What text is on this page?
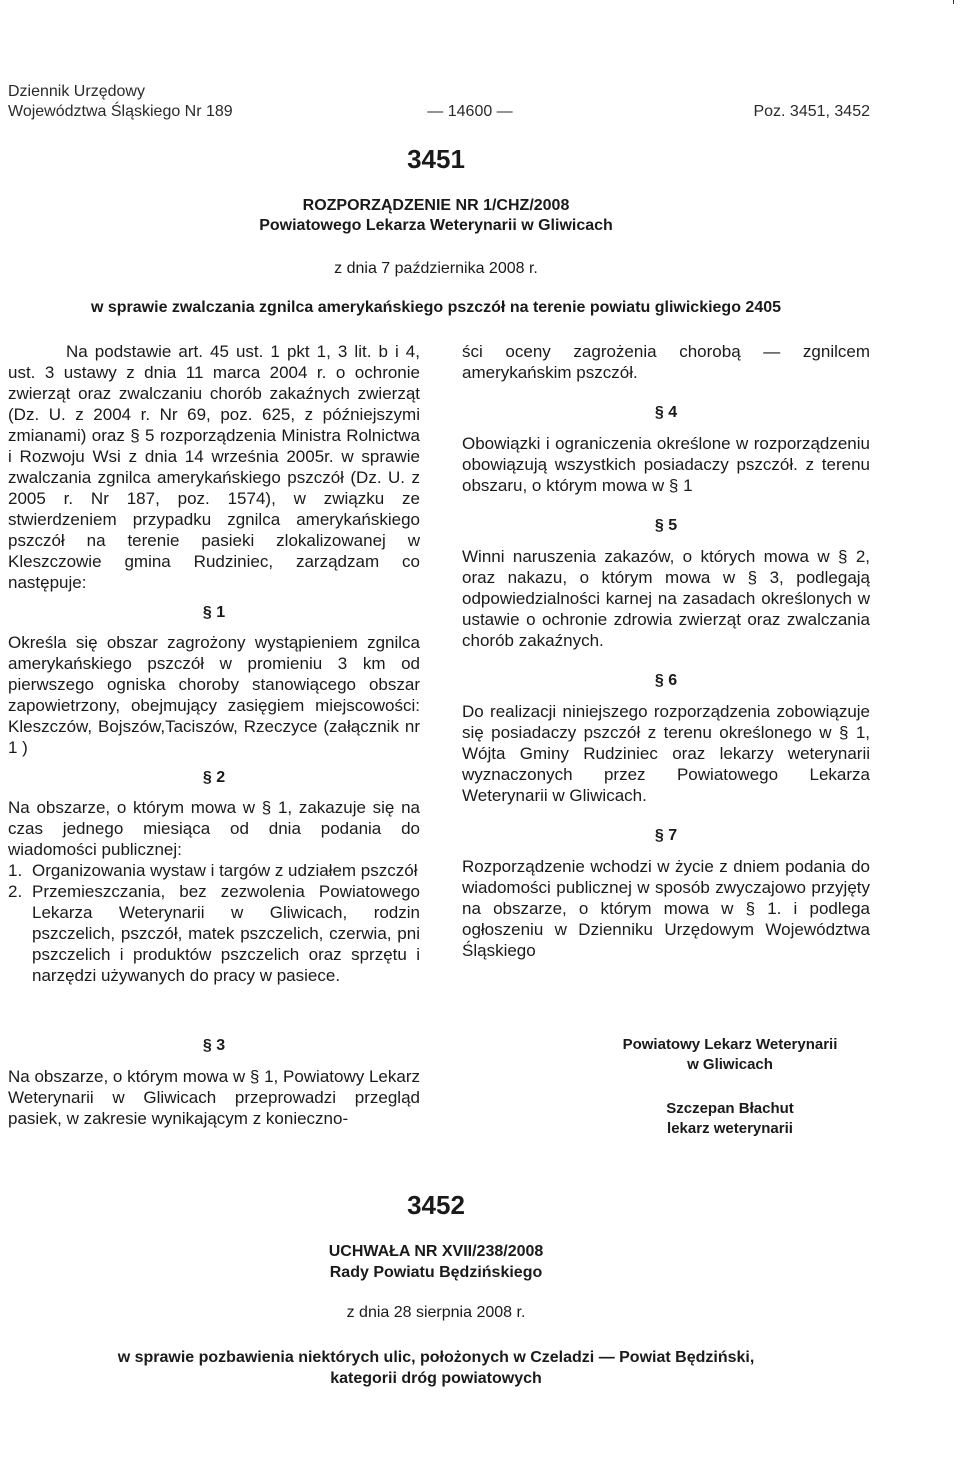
Dziennik Urzędowy
Województwa Śląskiego Nr 189	— 14600 —	Poz. 3451, 3452
3451
ROZPORZĄDZENIE NR 1/CHZ/2008
Powiatowego Lekarza Weterynarii w Gliwicach
z dnia 7 października 2008 r.
w sprawie zwalczania zgnilca amerykańskiego pszczół na terenie powiatu gliwickiego 2405
Na podstawie art. 45 ust. 1 pkt 1, 3 lit. b i 4, ust. 3 ustawy z dnia 11 marca 2004 r. o ochronie zwierząt oraz zwalczaniu chorób zakaźnych zwierząt (Dz. U. z 2004 r. Nr 69, poz. 625, z późniejszymi zmianami) oraz § 5 rozporządzenia Ministra Rolnictwa i Rozwoju Wsi z dnia 14 września 2005r. w sprawie zwalczania zgnilca amerykańskiego pszczół (Dz. U. z 2005 r. Nr 187, poz. 1574), w związku ze stwierdzeniem przypadku zgnilca amerykańskiego pszczół na terenie pasieki zlokalizowanej w Kleszczowie gmina Rudziniec, zarządzam co następuje:
§ 1
Określa się obszar zagrożony wystąpieniem zgnilca amerykańskiego pszczół w promieniu 3 km od pierwszego ogniska choroby stanowiącego obszar zapowietrzony, obejmujący zasięgiem miejscowości: Kleszczów, Bojszów,Taciszów, Rzeczyce (załącznik nr 1 )
§ 2
Na obszarze, o którym mowa w § 1, zakazuje się na czas jednego miesiąca od dnia podania do wiadomości publicznej:
1. Organizowania wystaw i targów z udziałem pszczół
2. Przemieszczania, bez zezwolenia Powiatowego Lekarza Weterynarii w Gliwicach, rodzin pszczelich, pszczół, matek pszczelich, czerwia, pni pszczelich i produktów pszczelich oraz sprzętu i narzędzi używanych do pracy w pasiece.
§ 3
Na obszarze, o którym mowa w § 1, Powiatowy Lekarz Weterynarii w Gliwicach przeprowadzi przegląd pasiek, w zakresie wynikającym z konieczno-
ści oceny zagrożenia chorobą — zgnilcem amerykańskim pszczół.
§ 4
Obowiązki i ograniczenia określone w rozporządzeniu obowiązują wszystkich posiadaczy pszczół. z terenu obszaru, o którym mowa w § 1
§ 5
Winni naruszenia zakazów, o których mowa w § 2, oraz nakazu, o którym mowa w § 3, podlegają odpowiedzialności karnej na zasadach określonych w ustawie o ochronie zdrowia zwierząt oraz zwalczania chorób zakaźnych.
§ 6
Do realizacji niniejszego rozporządzenia zobowiązuje się posiadaczy pszczół z terenu określonego w § 1, Wójta Gminy Rudziniec oraz lekarzy weterynarii wyznaczonych przez Powiatowego Lekarza Weterynarii w Gliwicach.
§ 7
Rozporządzenie wchodzi w życie z dniem podania do wiadomości publicznej w sposób zwyczajowo przyjęty na obszarze, o którym mowa w § 1. i podlega ogłoszeniu w Dzienniku Urzędowym Województwa Śląskiego
Powiatowy Lekarz Weterynarii
w Gliwicach
Szczepan Błachut
lekarz weterynarii
3452
UCHWAŁA NR XVII/238/2008
Rady Powiatu Będzińskiego
z dnia 28 sierpnia 2008 r.
w sprawie pozbawienia niektórych ulic, położonych w Czeladzi — Powiat Będziński,
kategorii dróg powiatowych
